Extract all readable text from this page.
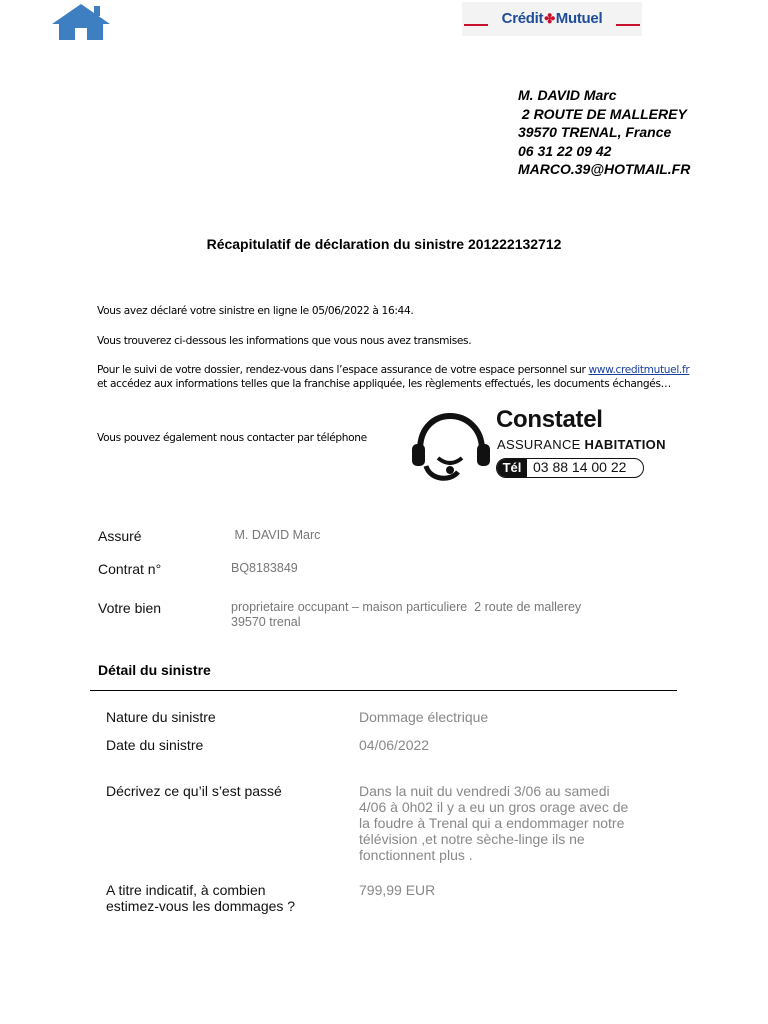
Crédit✤Mutuel
M. DAVID Marc
2 ROUTE DE MALLEREY
39570 TRENAL, France
06 31 22 09 42
MARCO.39@HOTMAIL.FR
Récapitulatif de déclaration du sinistre 201222132712
Vous avez déclaré votre sinistre en ligne le 05/06/2022 à 16:44.
Vous trouverez ci-dessous les informations que vous nous avez transmises.
Pour le suivi de votre dossier, rendez-vous dans l’espace assurance de votre espace personnel sur www.creditmutuel.fr
et accédez aux informations telles que la franchise appliquée, les règlements effectués, les documents échangés…
Vous pouvez également nous contacter par téléphone
Constatel
ASSURANCE HABITATION
Tél 03 88 14 00 22
Assuré	M. DAVID Marc
Contrat n°	BQ8183849
Votre bien	proprietaire occupant – maison particuliere  2 route de mallerey
39570 trenal
Détail du sinistre
Nature du sinistre	Dommage électrique
Date du sinistre	04/06/2022
Décrivez ce qu’il s’est passé	Dans la nuit du vendredi 3/06 au samedi
4/06 à 0h02 il y a eu un gros orage avec de
la foudre à Trenal qui a endommager notre
télévision ,et notre sèche-linge ils ne
fonctionnent plus .
A titre indicatif, à combien
estimez-vous les dommages ?
799,99 EUR
